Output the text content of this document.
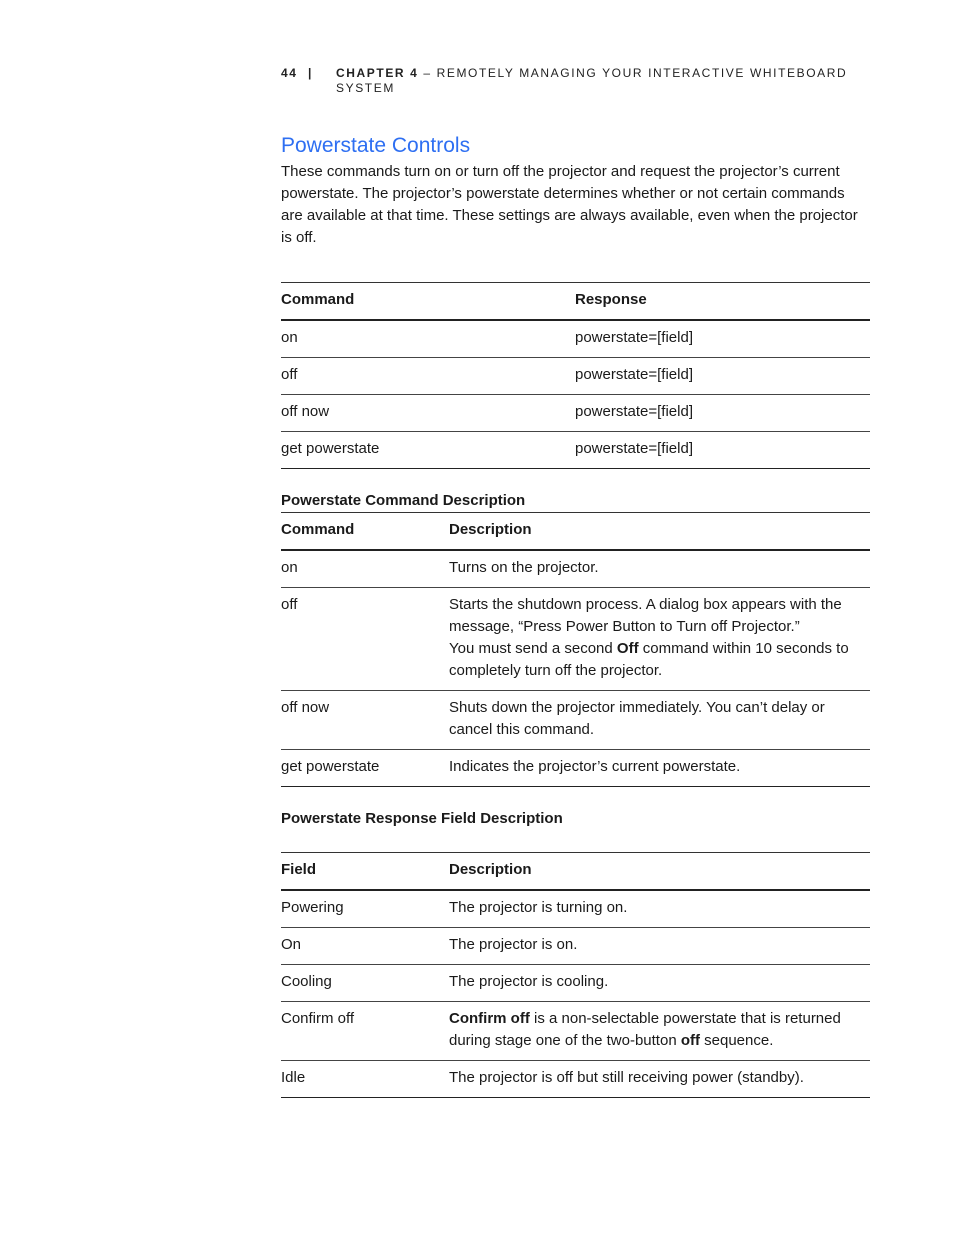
44 | CHAPTER 4 – REMOTELY MANAGING YOUR INTERACTIVE WHITEBOARD
SYSTEM
Powerstate Controls

These commands turn on or turn off the projector and request the projector’s current powerstate. The projector’s powerstate determines whether or not certain commands are available at that time. These settings are always available, even when the projector is off.

Command	Response
on	powerstate=[field]
off	powerstate=[field]
off now	powerstate=[field]
get powerstate	powerstate=[field]
Powerstate Command Description
Command	Description
on	Turns on the projector.
off	Starts the shutdown process. A dialog box appears with the message, “Press Power Button to Turn off Projector.”
You must send a second Off command within 10 seconds to completely turn off the projector.

off now	Shuts down the projector immediately. You can’t delay or cancel this command.
get powerstate	Indicates the projector’s current powerstate.
Powerstate Response Field Description
Field	Description
Powering	The projector is turning on.
On	The projector is on.
Cooling	The projector is cooling.
Confirm off	Confirm off is a non-selectable powerstate that is returned during stage one of the two-button off sequence.
Idle	The projector is off but still receiving power (standby).
